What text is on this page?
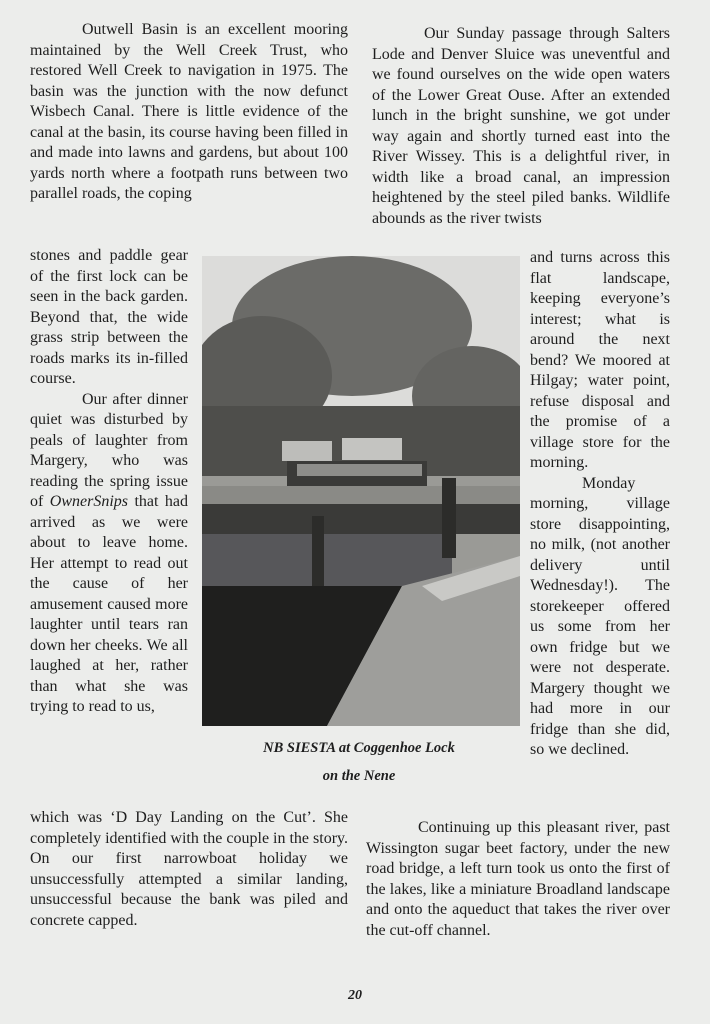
Outwell Basin is an excellent mooring maintained by the Well Creek Trust, who restored Well Creek to navigation in 1975. The basin was the junction with the now defunct Wisbech Canal. There is little evidence of the canal at the basin, its course having been filled in and made into lawns and gardens, but about 100 yards north where a footpath runs between two parallel roads, the coping

Our Sunday passage through Salters Lode and Denver Sluice was uneventful and we found ourselves on the wide open waters of the Lower Great Ouse. After an extended lunch in the bright sunshine, we got under way again and shortly turned east into the River Wissey. This is a delightful river, in width like a broad canal, an impression heightened by the steel piled banks. Wildlife abounds as the river twists

stones and paddle gear of the first lock can be seen in the back garden. Beyond that, the wide grass strip between the roads marks its in-filled course.

Our after dinner quiet was disturbed by peals of laughter from Margery, who was reading the spring issue of OwnerSnips that had arrived as we were about to leave home. Her attempt to read out the cause of her amusement caused more laughter until tears ran down her cheeks. We all laughed at her, rather than what she was trying to read to us,

and turns across this flat landscape, keeping everyone’s interest; what is around the next bend? We moored at Hilgay; water point, refuse disposal and the promise of a village store for the morning.

Monday morning, village store disappointing, no milk, (not another delivery until Wednesday!). The storekeeper offered us some from her own fridge but we were not desperate. Margery thought we had more in our fridge than she did, so we declined.

NB SIESTA at Coggenhoe Lock
on the Nene

which was ‘D Day Landing on the Cut’. She completely identified with the couple in the story. On our first narrowboat holiday we unsuccessfully attempted a similar landing, unsuccessful because the bank was piled and concrete capped.

Continuing up this pleasant river, past Wissington sugar beet factory, under the new road bridge, a left turn took us onto the first of the lakes, like a miniature Broadland landscape and onto the aqueduct that takes the river over the cut-off channel.

20
